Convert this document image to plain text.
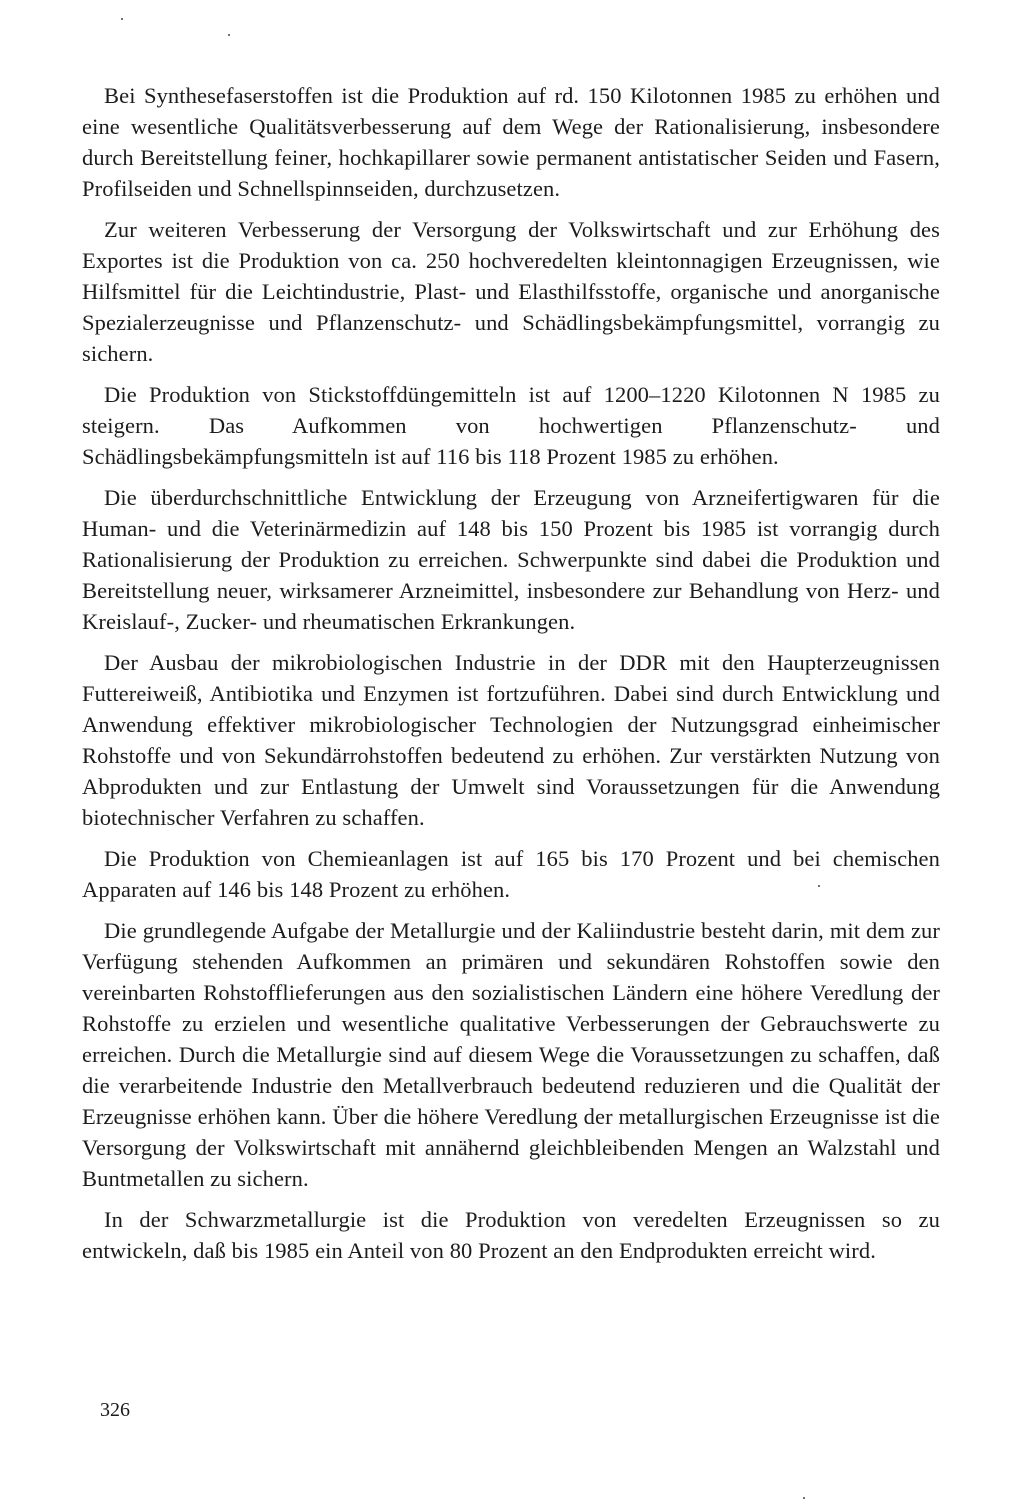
Bei Synthesefaserstoffen ist die Produktion auf rd. 150 Kilotonnen 1985 zu erhöhen und eine wesentliche Qualitätsverbesserung auf dem Wege der Rationalisierung, insbesondere durch Bereitstellung feiner, hochkapillarer sowie permanent antistatischer Seiden und Fasern, Profilseiden und Schnellspinnseiden, durchzusetzen.

Zur weiteren Verbesserung der Versorgung der Volkswirtschaft und zur Erhöhung des Exportes ist die Produktion von ca. 250 hochveredelten kleintonnagigen Erzeugnissen, wie Hilfsmittel für die Leichtindustrie, Plast- und Elasthilfsstoffe, organische und anorganische Spezialerzeugnisse und Pflanzenschutz- und Schädlingsbekämpfungsmittel, vorrangig zu sichern.

Die Produktion von Stickstoffdüngemitteln ist auf 1200–1220 Kilotonnen N 1985 zu steigern. Das Aufkommen von hochwertigen Pflanzenschutz- und Schädlingsbekämpfungsmitteln ist auf 116 bis 118 Prozent 1985 zu erhöhen.

Die überdurchschnittliche Entwicklung der Erzeugung von Arzneifertigwaren für die Human- und die Veterinärmedizin auf 148 bis 150 Prozent bis 1985 ist vorrangig durch Rationalisierung der Produktion zu erreichen. Schwerpunkte sind dabei die Produktion und Bereitstellung neuer, wirksamerer Arzneimittel, insbesondere zur Behandlung von Herz- und Kreislauf-, Zucker- und rheumatischen Erkrankungen.

Der Ausbau der mikrobiologischen Industrie in der DDR mit den Haupterzeugnissen Futtereiweiß, Antibiotika und Enzymen ist fortzuführen. Dabei sind durch Entwicklung und Anwendung effektiver mikrobiologischer Technologien der Nutzungsgrad einheimischer Rohstoffe und von Sekundärrohstoffen bedeutend zu erhöhen. Zur verstärkten Nutzung von Abprodukten und zur Entlastung der Umwelt sind Voraussetzungen für die Anwendung biotechnischer Verfahren zu schaffen.

Die Produktion von Chemieanlagen ist auf 165 bis 170 Prozent und bei chemischen Apparaten auf 146 bis 148 Prozent zu erhöhen.

Die grundlegende Aufgabe der Metallurgie und der Kaliindustrie besteht darin, mit dem zur Verfügung stehenden Aufkommen an primären und sekundären Rohstoffen sowie den vereinbarten Rohstofflieferungen aus den sozialistischen Ländern eine höhere Veredlung der Rohstoffe zu erzielen und wesentliche qualitative Verbesserungen der Gebrauchswerte zu erreichen. Durch die Metallurgie sind auf diesem Wege die Voraussetzungen zu schaffen, daß die verarbeitende Industrie den Metallverbrauch bedeutend reduzieren und die Qualität der Erzeugnisse erhöhen kann. Über die höhere Veredlung der metallurgischen Erzeugnisse ist die Versorgung der Volkswirtschaft mit annähernd gleichbleibenden Mengen an Walzstahl und Buntmetallen zu sichern.

In der Schwarzmetallurgie ist die Produktion von veredelten Erzeugnissen so zu entwickeln, daß bis 1985 ein Anteil von 80 Prozent an den Endprodukten erreicht wird.

326
